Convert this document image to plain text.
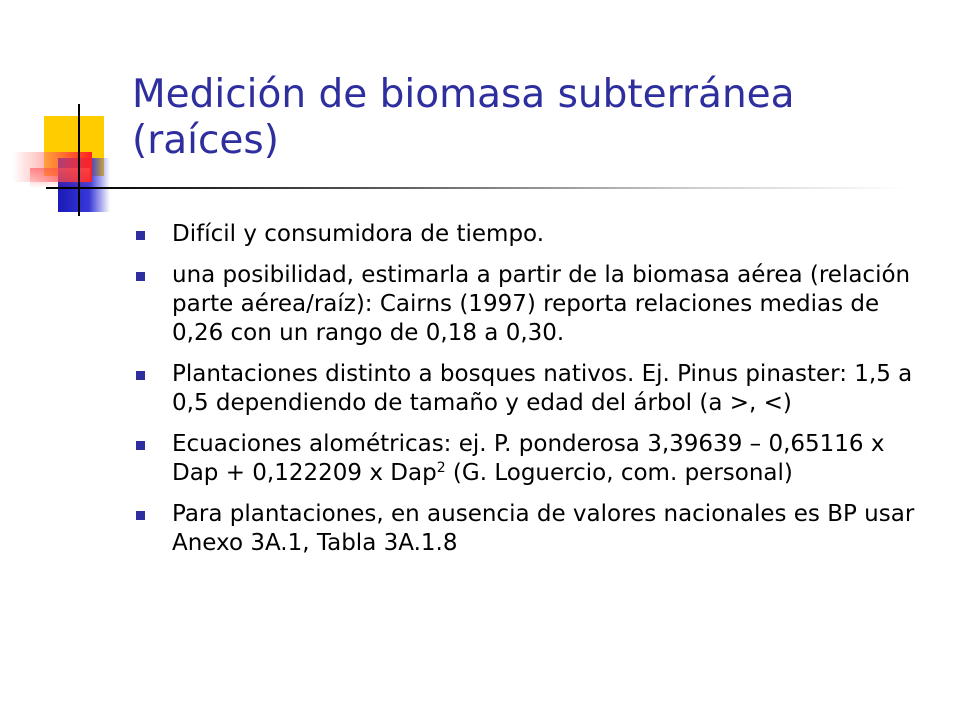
Medición de biomasa subterránea (raíces)
Difícil y consumidora de tiempo.
una posibilidad, estimarla a partir de la biomasa aérea (relación parte aérea/raíz): Cairns (1997) reporta relaciones medias de 0,26 con un rango de 0,18 a 0,30.
Plantaciones distinto a bosques nativos. Ej. Pinus pinaster: 1,5 a 0,5 dependiendo de tamaño y edad del árbol (a >, <)
Ecuaciones alométricas: ej. P. ponderosa 3,39639 – 0,65116 x Dap + 0,122209 x Dap$^2$ (G. Loguercio, com. personal)
Para plantaciones, en ausencia de valores nacionales es BP usar Anexo 3A.1, Tabla 3A.1.8
